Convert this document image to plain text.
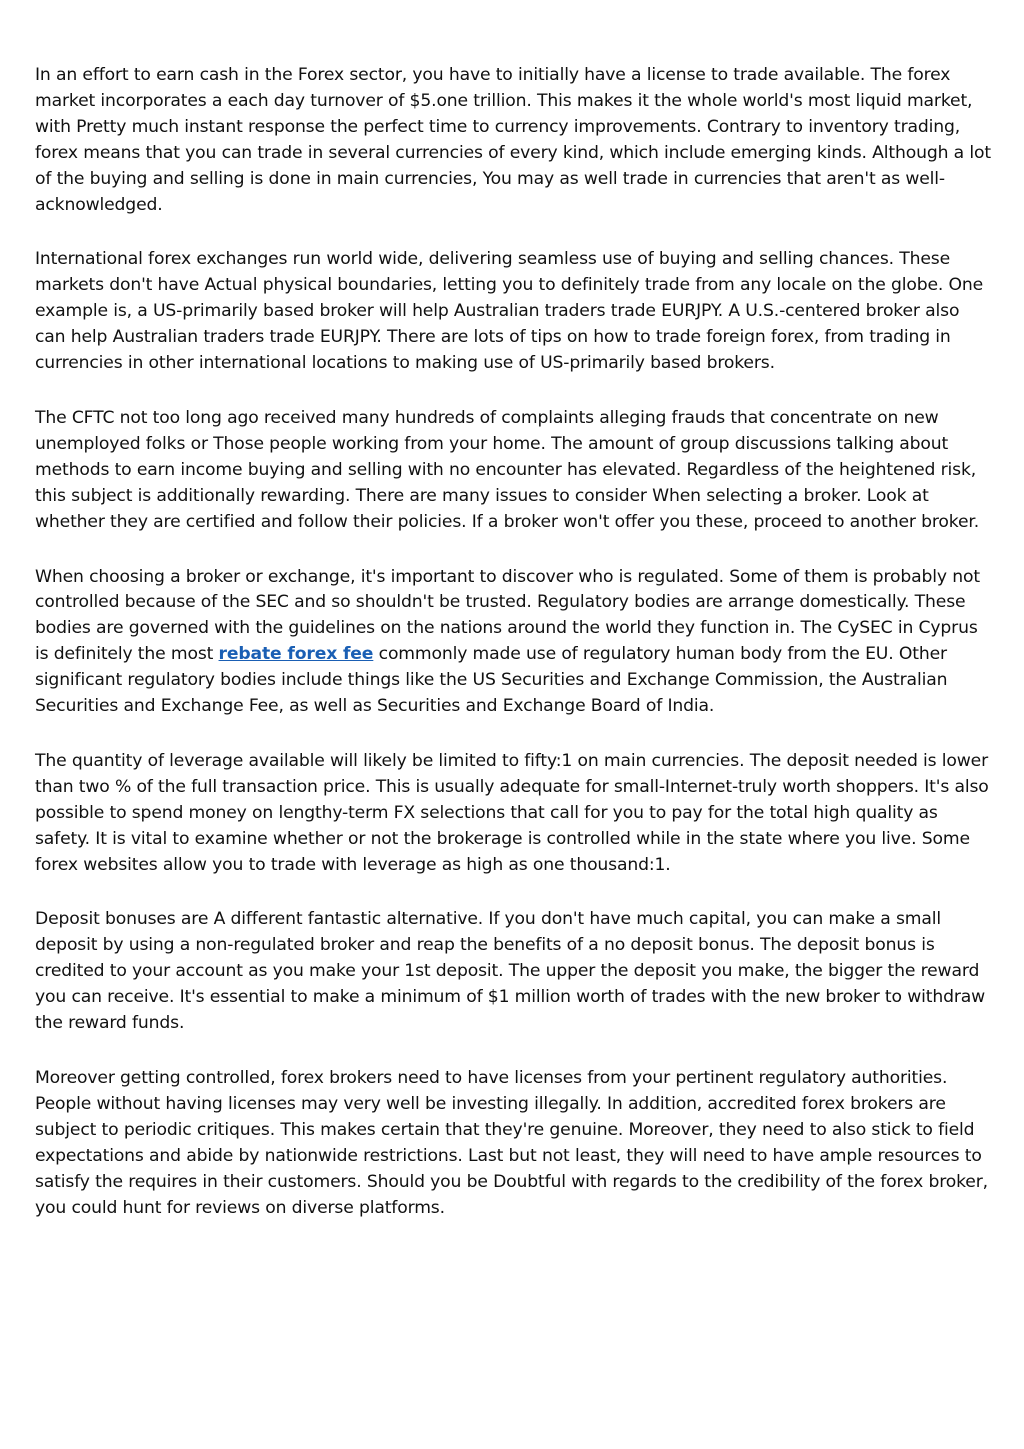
In an effort to earn cash in the Forex sector, you have to initially have a license to trade available. The forex market incorporates a each day turnover of $5.one trillion. This makes it the whole world's most liquid market, with Pretty much instant response the perfect time to currency improvements. Contrary to inventory trading, forex means that you can trade in several currencies of every kind, which include emerging kinds. Although a lot of the buying and selling is done in main currencies, You may as well trade in currencies that aren't as well-acknowledged.

International forex exchanges run world wide, delivering seamless use of buying and selling chances. These markets don't have Actual physical boundaries, letting you to definitely trade from any locale on the globe. One example is, a US-primarily based broker will help Australian traders trade EURJPY. A U.S.-centered broker also can help Australian traders trade EURJPY. There are lots of tips on how to trade foreign forex, from trading in currencies in other international locations to making use of US-primarily based brokers.

The CFTC not too long ago received many hundreds of complaints alleging frauds that concentrate on new unemployed folks or Those people working from your home. The amount of group discussions talking about methods to earn income buying and selling with no encounter has elevated. Regardless of the heightened risk, this subject is additionally rewarding. There are many issues to consider When selecting a broker. Look at whether they are certified and follow their policies. If a broker won't offer you these, proceed to another broker.

When choosing a broker or exchange, it's important to discover who is regulated. Some of them is probably not controlled because of the SEC and so shouldn't be trusted. Regulatory bodies are arrange domestically. These bodies are governed with the guidelines on the nations around the world they function in. The CySEC in Cyprus is definitely the most rebate forex fee commonly made use of regulatory human body from the EU. Other significant regulatory bodies include things like the US Securities and Exchange Commission, the Australian Securities and Exchange Fee, as well as Securities and Exchange Board of India.

The quantity of leverage available will likely be limited to fifty:1 on main currencies. The deposit needed is lower than two % of the full transaction price. This is usually adequate for small-Internet-truly worth shoppers. It's also possible to spend money on lengthy-term FX selections that call for you to pay for the total high quality as safety. It is vital to examine whether or not the brokerage is controlled while in the state where you live. Some forex websites allow you to trade with leverage as high as one thousand:1.

Deposit bonuses are A different fantastic alternative. If you don't have much capital, you can make a small deposit by using a non-regulated broker and reap the benefits of a no deposit bonus. The deposit bonus is credited to your account as you make your 1st deposit. The upper the deposit you make, the bigger the reward you can receive. It's essential to make a minimum of $1 million worth of trades with the new broker to withdraw the reward funds.

Moreover getting controlled, forex brokers need to have licenses from your pertinent regulatory authorities. People without having licenses may very well be investing illegally. In addition, accredited forex brokers are subject to periodic critiques. This makes certain that they're genuine. Moreover, they need to also stick to field expectations and abide by nationwide restrictions. Last but not least, they will need to have ample resources to satisfy the requires in their customers. Should you be Doubtful with regards to the credibility of the forex broker, you could hunt for reviews on diverse platforms.
